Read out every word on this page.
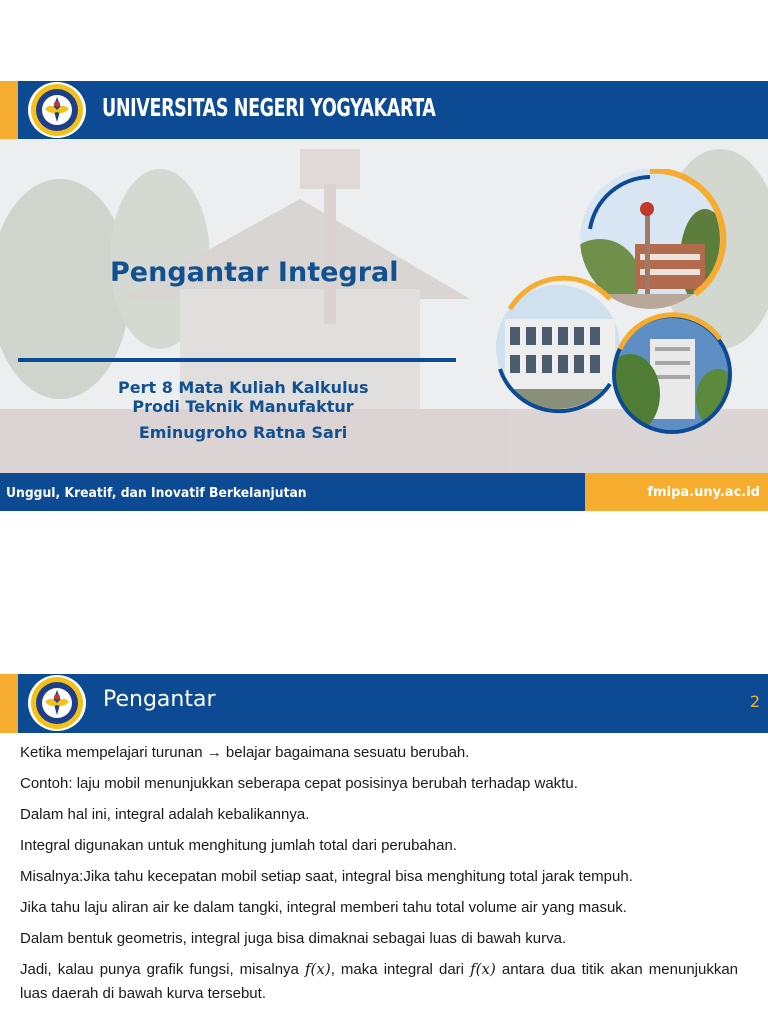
UNIVERSITAS NEGERI YOGYAKARTA
Pengantar Integral
Pert 8 Mata Kuliah Kalkulus
Prodi Teknik Manufaktur
Eminugroho Ratna Sari
Unggul, Kreatif, dan Inovatif Berkelanjutan	fmipa.uny.ac.id
Pengantar	2
Ketika mempelajari turunan → belajar bagaimana sesuatu berubah.
Contoh: laju mobil menunjukkan seberapa cepat posisinya berubah terhadap waktu.
Dalam hal ini, integral adalah kebalikannya.
Integral digunakan untuk menghitung jumlah total dari perubahan.
Misalnya:Jika tahu kecepatan mobil setiap saat, integral bisa menghitung total jarak tempuh.
Jika tahu laju aliran air ke dalam tangki, integral memberi tahu total volume air yang masuk.
Dalam bentuk geometris, integral juga bisa dimaknai sebagai luas di bawah kurva.
Jadi, kalau punya grafik fungsi, misalnya f(x), maka integral dari f(x) antara dua titik akan menunjukkan luas daerah di bawah kurva tersebut.
